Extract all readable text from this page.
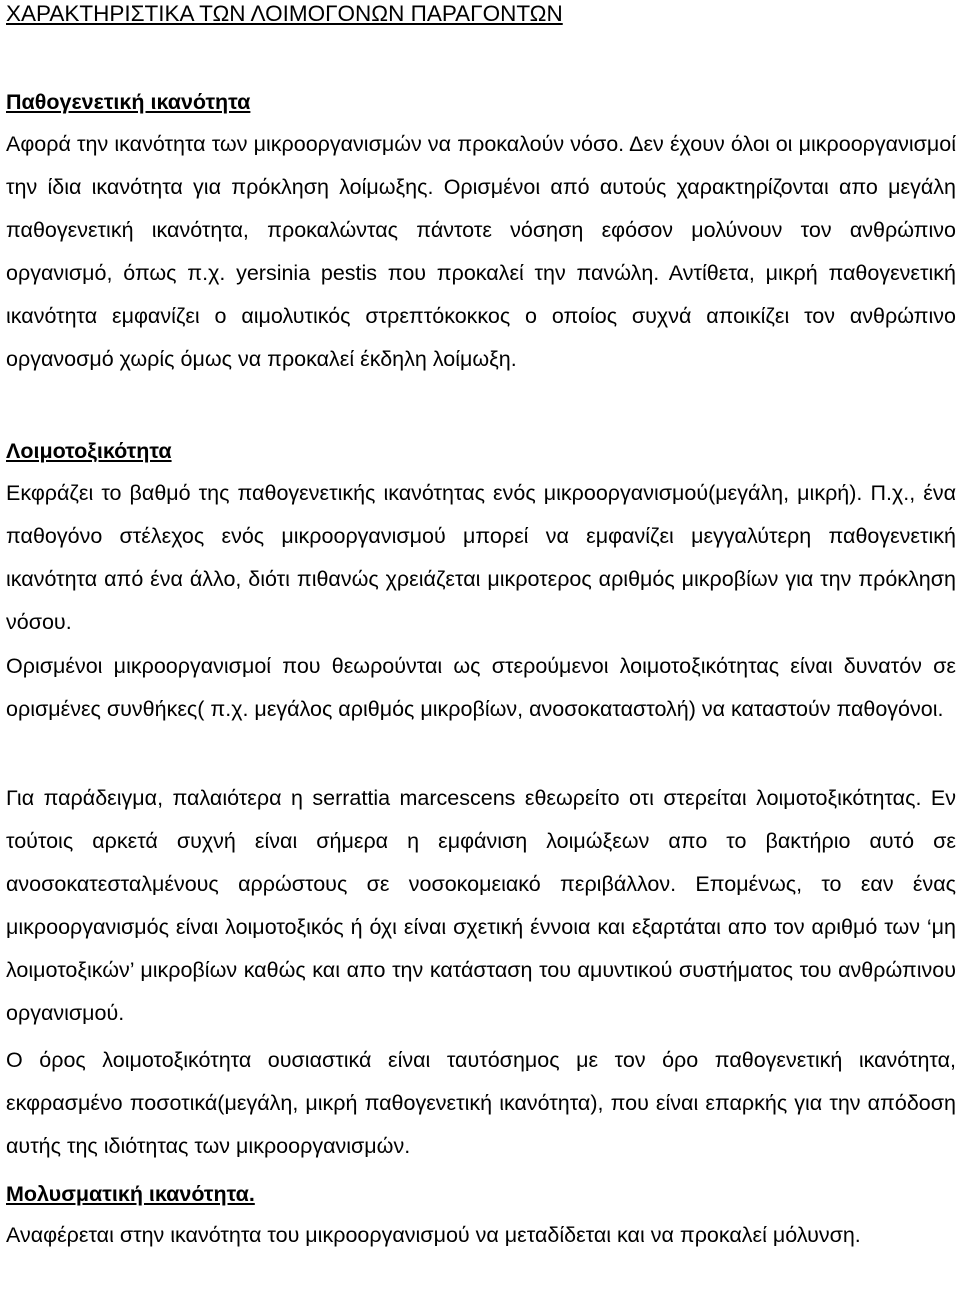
ΧΑΡΑΚΤΗΡΙΣΤΙΚΑ ΤΩΝ ΛΟΙΜΟΓΟΝΩΝ ΠΑΡΑΓΟΝΤΩΝ

Παθογενετική ικανότητα

Αφορά την ικανότητα των μικροοργανισμών να προκαλούν νόσο. Δεν έχουν όλοι οι μικροοργανισμοί την ίδια ικανότητα για πρόκληση λοίμωξης. Ορισμένοι από αυτούς χαρακτηρίζονται απο μεγάλη παθογενετική ικανότητα, προκαλώντας πάντοτε νόσηση εφόσον μολύνουν τον ανθρώπινο οργανισμό, όπως π.χ. yersinia pestis που προκαλεί την πανώλη. Αντίθετα, μικρή παθογενετική ικανότητα εμφανίζει ο αιμολυτικός στρεπτόκοκκος ο οποίος συχνά αποικίζει τον ανθρώπινο οργανοσμό χωρίς όμως να προκαλεί έκδηλη λοίμωξη.

Λοιμοτοξικότητα

Εκφράζει το βαθμό της παθογενετικής ικανότητας ενός μικροοργανισμού(μεγάλη, μικρή). Π.χ., ένα παθογόνο στέλεχος ενός μικροοργανισμού μπορεί να εμφανίζει μεγγαλύτερη παθογενετική ικανότητα από ένα άλλο, διότι πιθανώς χρειάζεται μικροτερος αριθμός μικροβίων για την πρόκληση νόσου.

Ορισμένοι μικροοργανισμοί που θεωρούνται ως στερούμενοι λοιμοτοξικότητας είναι δυνατόν σε ορισμένες συνθήκες( π.χ. μεγάλος αριθμός μικροβίων, ανοσοκαταστολή) να καταστούν παθογόνοι.

Για παράδειγμα, παλαιότερα η serrattia marcescens εθεωρείτο οτι στερείται λοιμοτοξικότητας. Εν τούτοις αρκετά συχνή είναι σήμερα η εμφάνιση λοιμώξεων απο το βακτήριο αυτό σε ανοσοκατεσταλμένους αρρώστους σε νοσοκομειακό περιβάλλον. Επομένως, το εαν ένας μικροοργανισμός είναι λοιμοτοξικός ή όχι είναι σχετική έννοια και εξαρτάται απο τον αριθμό των ‘μη λοιμοτοξικών’ μικροβίων καθώς και απο την κατάσταση του αμυντικού συστήματος του ανθρώπινου οργανισμού.

Ο όρος λοιμοτοξικότητα ουσιαστικά είναι ταυτόσημος με τον όρο παθογενετική ικανότητα, εκφρασμένο ποσοτικά(μεγάλη, μικρή παθογενετική ικανότητα), που είναι επαρκής για την απόδοση αυτής της ιδιότητας των μικροοργανισμών.

Μολυσματική ικανότητα.

Αναφέρεται στην ικανότητα του μικροοργανισμού να μεταδίδεται και να προκαλεί μόλυνση.
